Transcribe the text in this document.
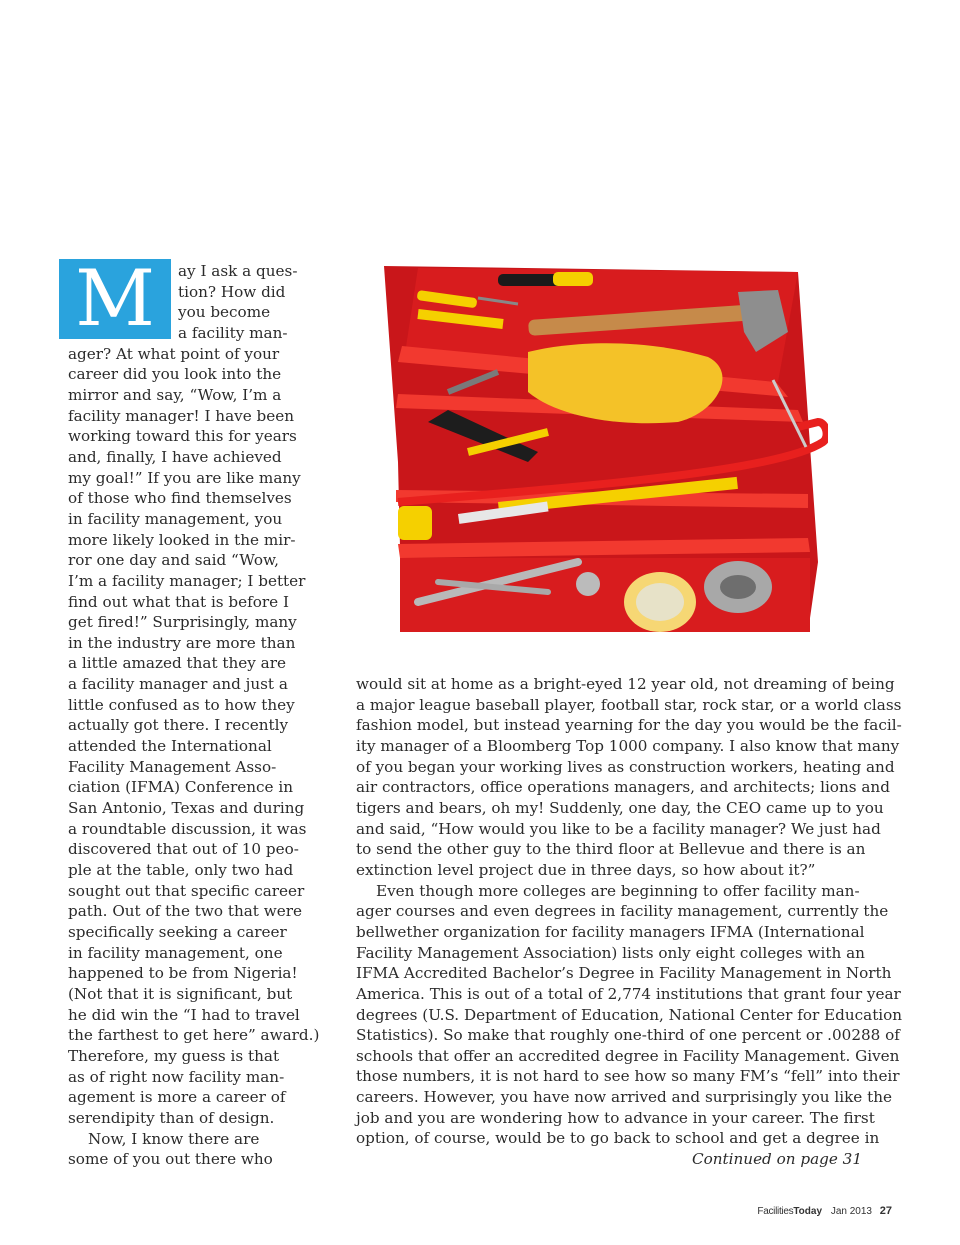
M	ay I ask a ques-
tion? How did
you become
a facility man-
ager? At what point of your
career did you look into the
mirror and say, “Wow, I’m a
facility manager! I have been
working toward this for years
and, finally, I have achieved
my goal!” If you are like many
of those who find themselves
in facility management, you
more likely looked in the mir-
ror one day and said “Wow,
I’m a facility manager; I better
find out what that is before I
get fired!” Surprisingly, many
in the industry are more than
a little amazed that they are
a facility manager and just a
little confused as to how they
actually got there. I recently
attended the International
Facility Management Asso-
ciation (IFMA) Conference in
San Antonio, Texas and during
a roundtable discussion, it was
discovered that out of 10 peo-
ple at the table, only two had
sought out that specific career
path. Out of the two that were
specifically seeking a career
in facility management, one
happened to be from Nigeria!
(Not that it is significant, but
he did win the “I had to travel
the farthest to get here” award.)
Therefore, my guess is that
as of right now facility man-
agement is more a career of
serendipity than of design.
Now, I know there are
some of you out there who
would sit at home as a bright-eyed 12 year old, not dreaming of being
a major league baseball player, football star, rock star, or a world class
fashion model, but instead yearning for the day you would be the facil-
ity manager of a Bloomberg Top 1000 company. I also know that many
of you began your working lives as construction workers, heating and
air contractors, office operations managers, and architects; lions and
tigers and bears, oh my! Suddenly, one day, the CEO came up to you
and said, “How would you like to be a facility manager? We just had
to send the other guy to the third floor at Bellevue and there is an
extinction level project due in three days, so how about it?”
Even though more colleges are beginning to offer facility man-
ager courses and even degrees in facility management, currently the
bellwether organization for facility managers IFMA (International
Facility Management Association) lists only eight colleges with an
IFMA Accredited Bachelor’s Degree in Facility Management in North
America. This is out of a total of 2,774 institutions that grant four year
degrees (U.S. Department of Education, National Center for Education
Statistics). So make that roughly one-third of one percent or .00288 of
schools that offer an accredited degree in Facility Management. Given
those numbers, it is not hard to see how so many FM’s “fell” into their
careers. However, you have now arrived and surprisingly you like the
job and you are wondering how to advance in your career. The first
option, of course, would be to go back to school and get a degree in
Continued on page 31
FacilitiesToday Jan 2013 27
